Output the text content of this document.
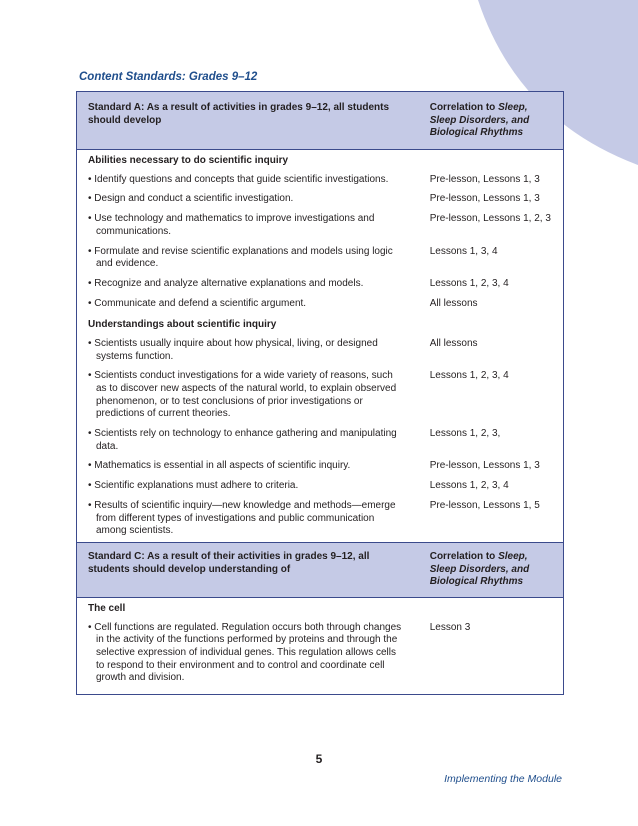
Content Standards: Grades 9–12
Standard A: As a result of activities in grades 9–12, all students should develop	Correlation to Sleep, Sleep Disorders, and Biological Rhythms
Abilities necessary to do scientific inquiry	

• Identify questions and concepts that guide scientific investigations.	Pre-lesson, Lessons 1, 3

• Design and conduct a scientific investigation.	Pre-lesson, Lessons 1, 3

• Use technology and mathematics to improve investigations and communications.	Pre-lesson, Lessons 1, 2, 3

• Formulate and revise scientific explanations and models using logic and evidence.	Lessons 1, 3, 4

• Recognize and analyze alternative explanations and models.	Lessons 1, 2, 3, 4

• Communicate and defend a scientific argument.	All lessons
Understandings about scientific inquiry	

• Scientists usually inquire about how physical, living, or designed systems function.	All lessons

• Scientists conduct investigations for a wide variety of reasons, such as to discover new aspects of the natural world, to explain observed phenomenon, or to test conclusions of prior investigations or predictions of current theories.	Lessons 1, 2, 3, 4

• Scientists rely on technology to enhance gathering and manipulating data.	Lessons 1, 2, 3,

• Mathematics is essential in all aspects of scientific inquiry.	Pre-lesson, Lessons 1, 3

• Scientific explanations must adhere to criteria.	Lessons 1, 2, 3, 4

• Results of scientific inquiry—new knowledge and methods—emerge from different types of investigations and public communication among scientists.	Pre-lesson, Lessons 1, 5
Standard C: As a result of their activities in grades 9–12, all students should develop understanding of	Correlation to Sleep, Sleep Disorders, and Biological Rhythms
The cell	

• Cell functions are regulated. Regulation occurs both through changes in the activity of the functions performed by proteins and through the selective expression of individual genes. This regulation allows cells to respond to their environment and to control and coordinate cell growth and division.	Lesson 3
5
Implementing the Module
